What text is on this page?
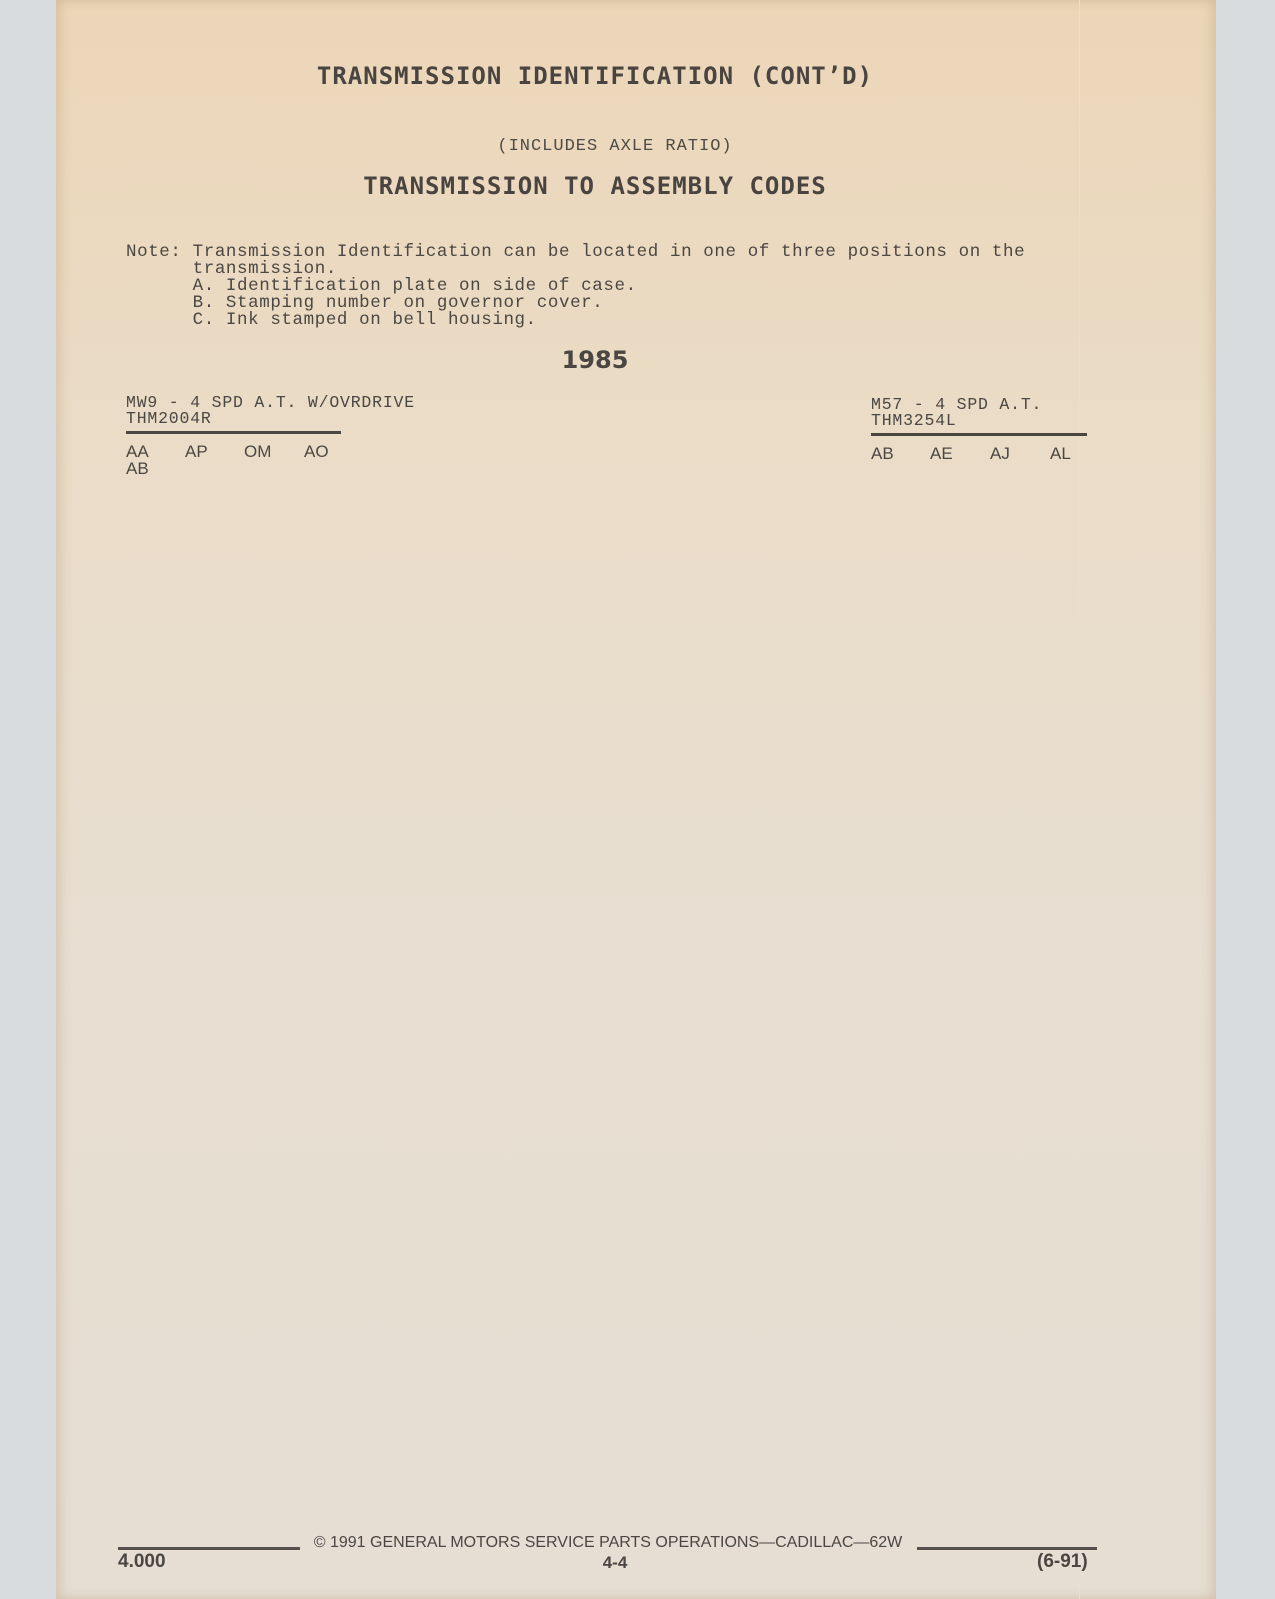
TRANSMISSION IDENTIFICATION (CONT’D)
(INCLUDES AXLE RATIO)
TRANSMISSION TO ASSEMBLY CODES
Note: Transmission Identification can be located in one of three positions on the
transmission.
A. Identification plate on side of case.
B. Stamping number on governor cover.
C. Ink stamped on bell housing.
1985
MW9 - 4 SPD A.T. W/OVRDRIVE
THM2004R
AA AP OM AO
AB
M57 - 4 SPD A.T.
THM3254L
AB AE AJ AL
© 1991 GENERAL MOTORS SERVICE PARTS OPERATIONS—CADILLAC—62W
4.000	4-4	(6-91)
